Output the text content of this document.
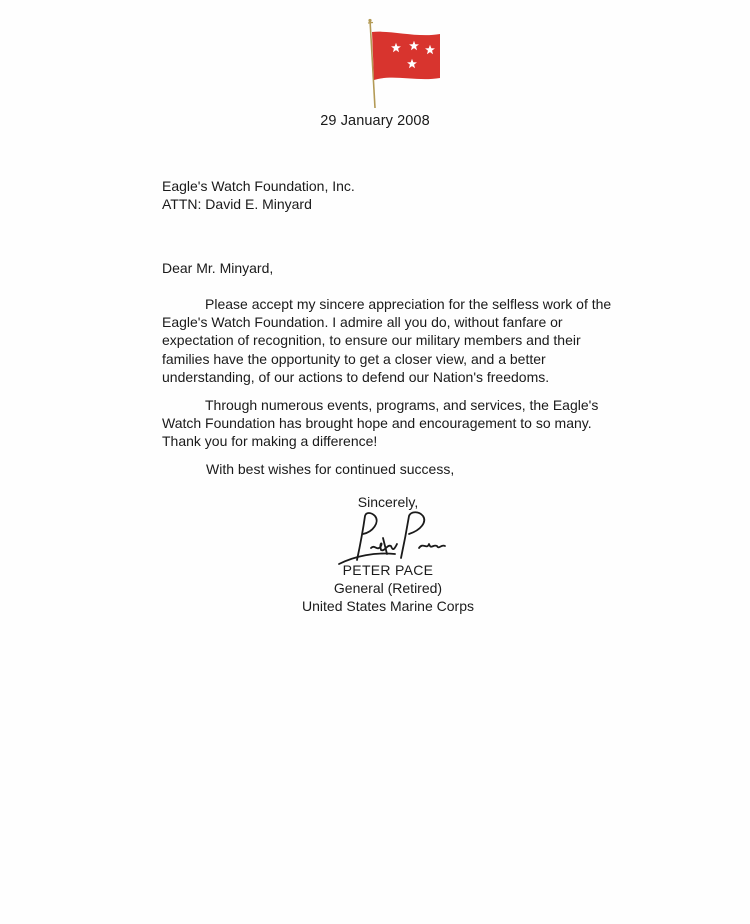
29 January 2008
Eagle's Watch Foundation, Inc.
ATTN: David E. Minyard
Dear Mr. Minyard,
Please accept my sincere appreciation for the selfless work of the Eagle's Watch Foundation. I admire all you do, without fanfare or expectation of recognition, to ensure our military members and their families have the opportunity to get a closer view, and a better understanding, of our actions to defend our Nation's freedoms.
Through numerous events, programs, and services, the Eagle's Watch Foundation has brought hope and encouragement to so many. Thank you for making a difference!
With best wishes for continued success,
Sincerely,
PETER PACE
General (Retired)
United States Marine Corps
